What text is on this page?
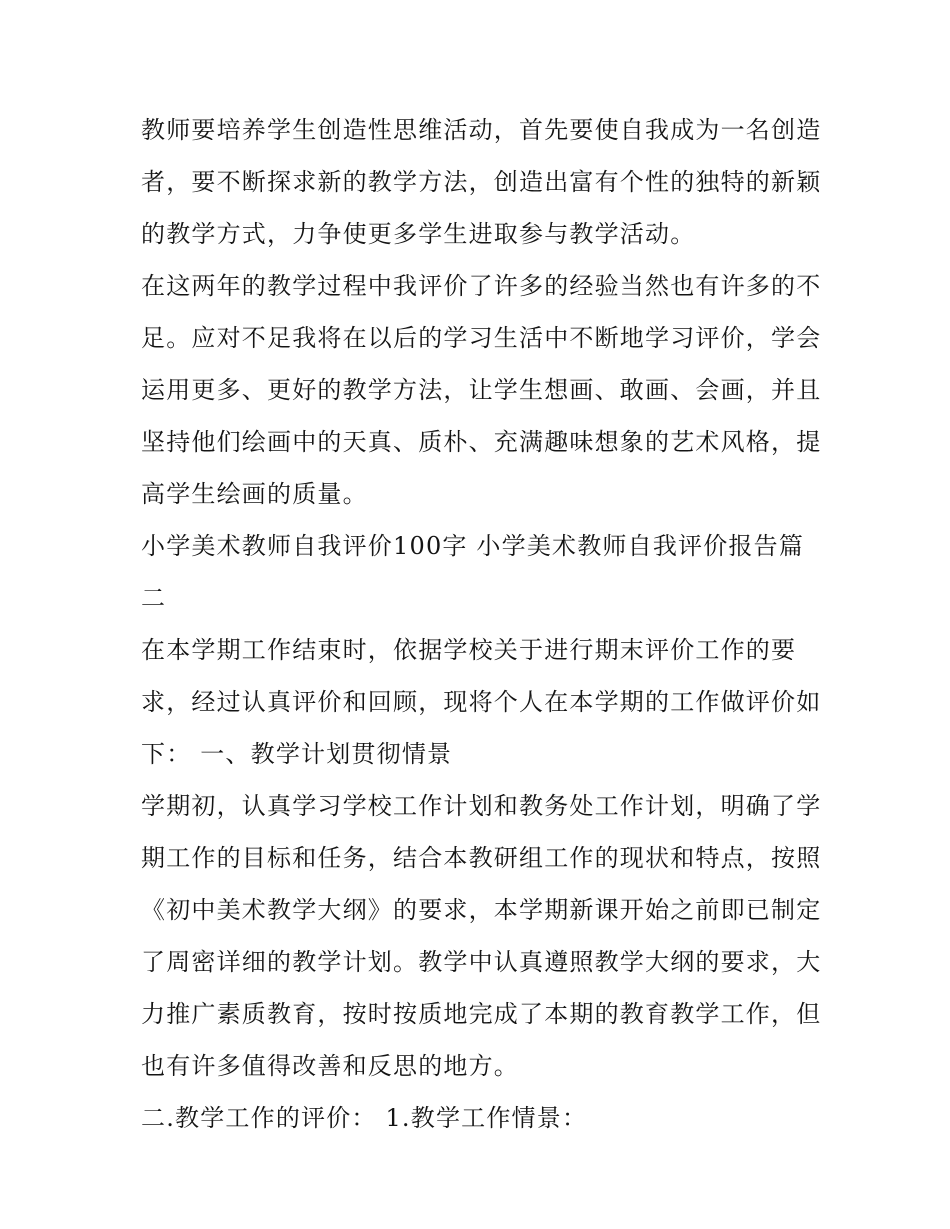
教师要培养学生创造性思维活动，首先要使自我成为一名创造
者，要不断探求新的教学方法，创造出富有个性的独特的新颖
的教学方式，力争使更多学生进取参与教学活动。
在这两年的教学过程中我评价了许多的经验当然也有许多的不
足。应对不足我将在以后的学习生活中不断地学习评价，学会
运用更多、更好的教学方法，让学生想画、敢画、会画，并且
坚持他们绘画中的天真、质朴、充满趣味想象的艺术风格，提
高学生绘画的质量。
小学美术教师自我评价100字 小学美术教师自我评价报告篇
二
在本学期工作结束时，依据学校关于进行期末评价工作的要
求，经过认真评价和回顾，现将个人在本学期的工作做评价如
下： 一、教学计划贯彻情景
学期初，认真学习学校工作计划和教务处工作计划，明确了学
期工作的目标和任务，结合本教研组工作的现状和特点，按照
《初中美术教学大纲》的要求，本学期新课开始之前即已制定
了周密详细的教学计划。教学中认真遵照教学大纲的要求，大
力推广素质教育，按时按质地完成了本期的教育教学工作，但
也有许多值得改善和反思的地方。
二.教学工作的评价： 1.教学工作情景：
